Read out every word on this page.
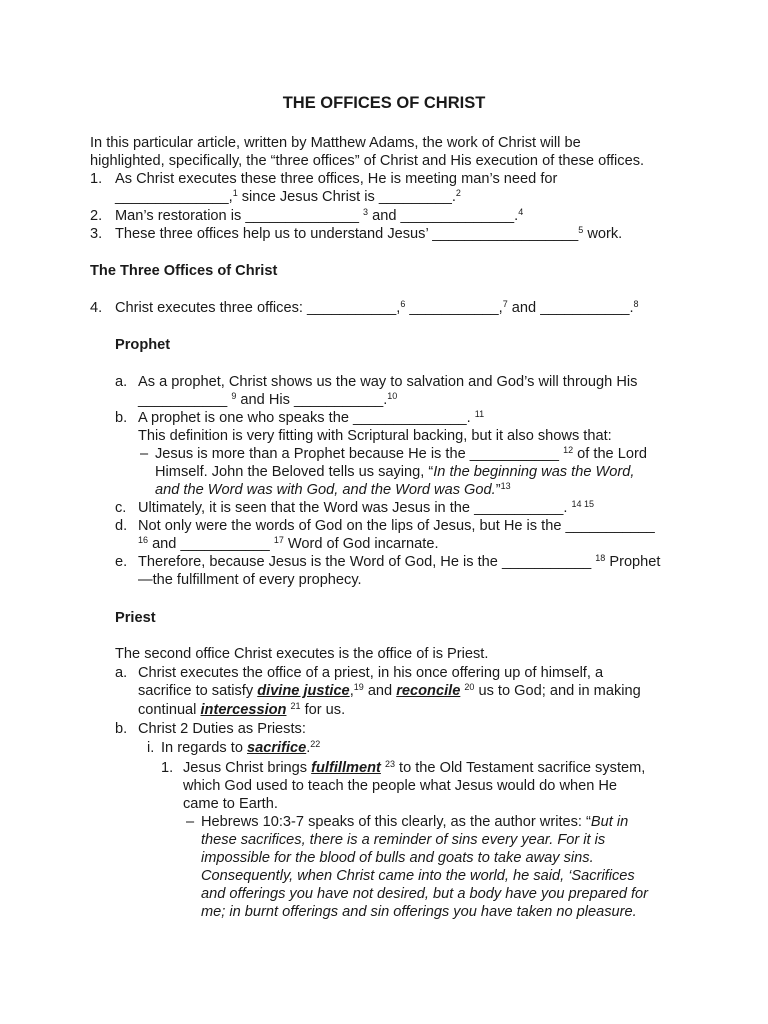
THE OFFICES OF CHRIST
In this particular article, written by Matthew Adams, the work of Christ will be
highlighted, specifically, the “three offices” of Christ and His execution of these offices.
1. As Christ executes these three offices, He is meeting man’s need for
______________,$^1$ since Jesus Christ is _________.$^2$
2. Man’s restoration is ______________ $^3$ and ______________.$^4$
3. These three offices help us to understand Jesus’ __________________$^5$ work.
The Three Offices of Christ
4. Christ executes three offices: ___________,$^6$ ___________,$^7$ and ___________.$^8$
Prophet
a. As a prophet, Christ shows us the way to salvation and God’s will through His
___________ $^9$ and His ___________.$^{10}$
b. A prophet is one who speaks the ______________. $^{11}$
This definition is very fitting with Scriptural backing, but it also shows that:
– Jesus is more than a Prophet because He is the ___________ $^{12}$ of the Lord
Himself. John the Beloved tells us saying, “In the beginning was the Word,
and the Word was with God, and the Word was God.”$^{13}$
c. Ultimately, it is seen that the Word was Jesus in the ___________. $^{14 15}$
d. Not only were the words of God on the lips of Jesus, but He is the ___________
$^{16}$ and ___________ $^{17}$ Word of God incarnate.
e. Therefore, because Jesus is the Word of God, He is the ___________ $^{18}$ Prophet
—the fulfillment of every prophecy.
Priest
The second office Christ executes is the office of is Priest.
a. Christ executes the office of a priest, in his once offering up of himself, a
sacrifice to satisfy divine justice,$^{19}$ and reconcile $^{20}$ us to God; and in making
continual intercession $^{21}$ for us.
b. Christ 2 Duties as Priests:
i. In regards to sacrifice.$^{22}$
1. Jesus Christ brings fulfillment $^{23}$ to the Old Testament sacrifice system,
which God used to teach the people what Jesus would do when He
came to Earth.
– Hebrews 10:3-7 speaks of this clearly, as the author writes: “But in
these sacrifices, there is a reminder of sins every year. For it is
impossible for the blood of bulls and goats to take away sins.
Consequently, when Christ came into the world, he said, ‘Sacrifices
and offerings you have not desired, but a body have you prepared for
me; in burnt offerings and sin offerings you have taken no pleasure.
